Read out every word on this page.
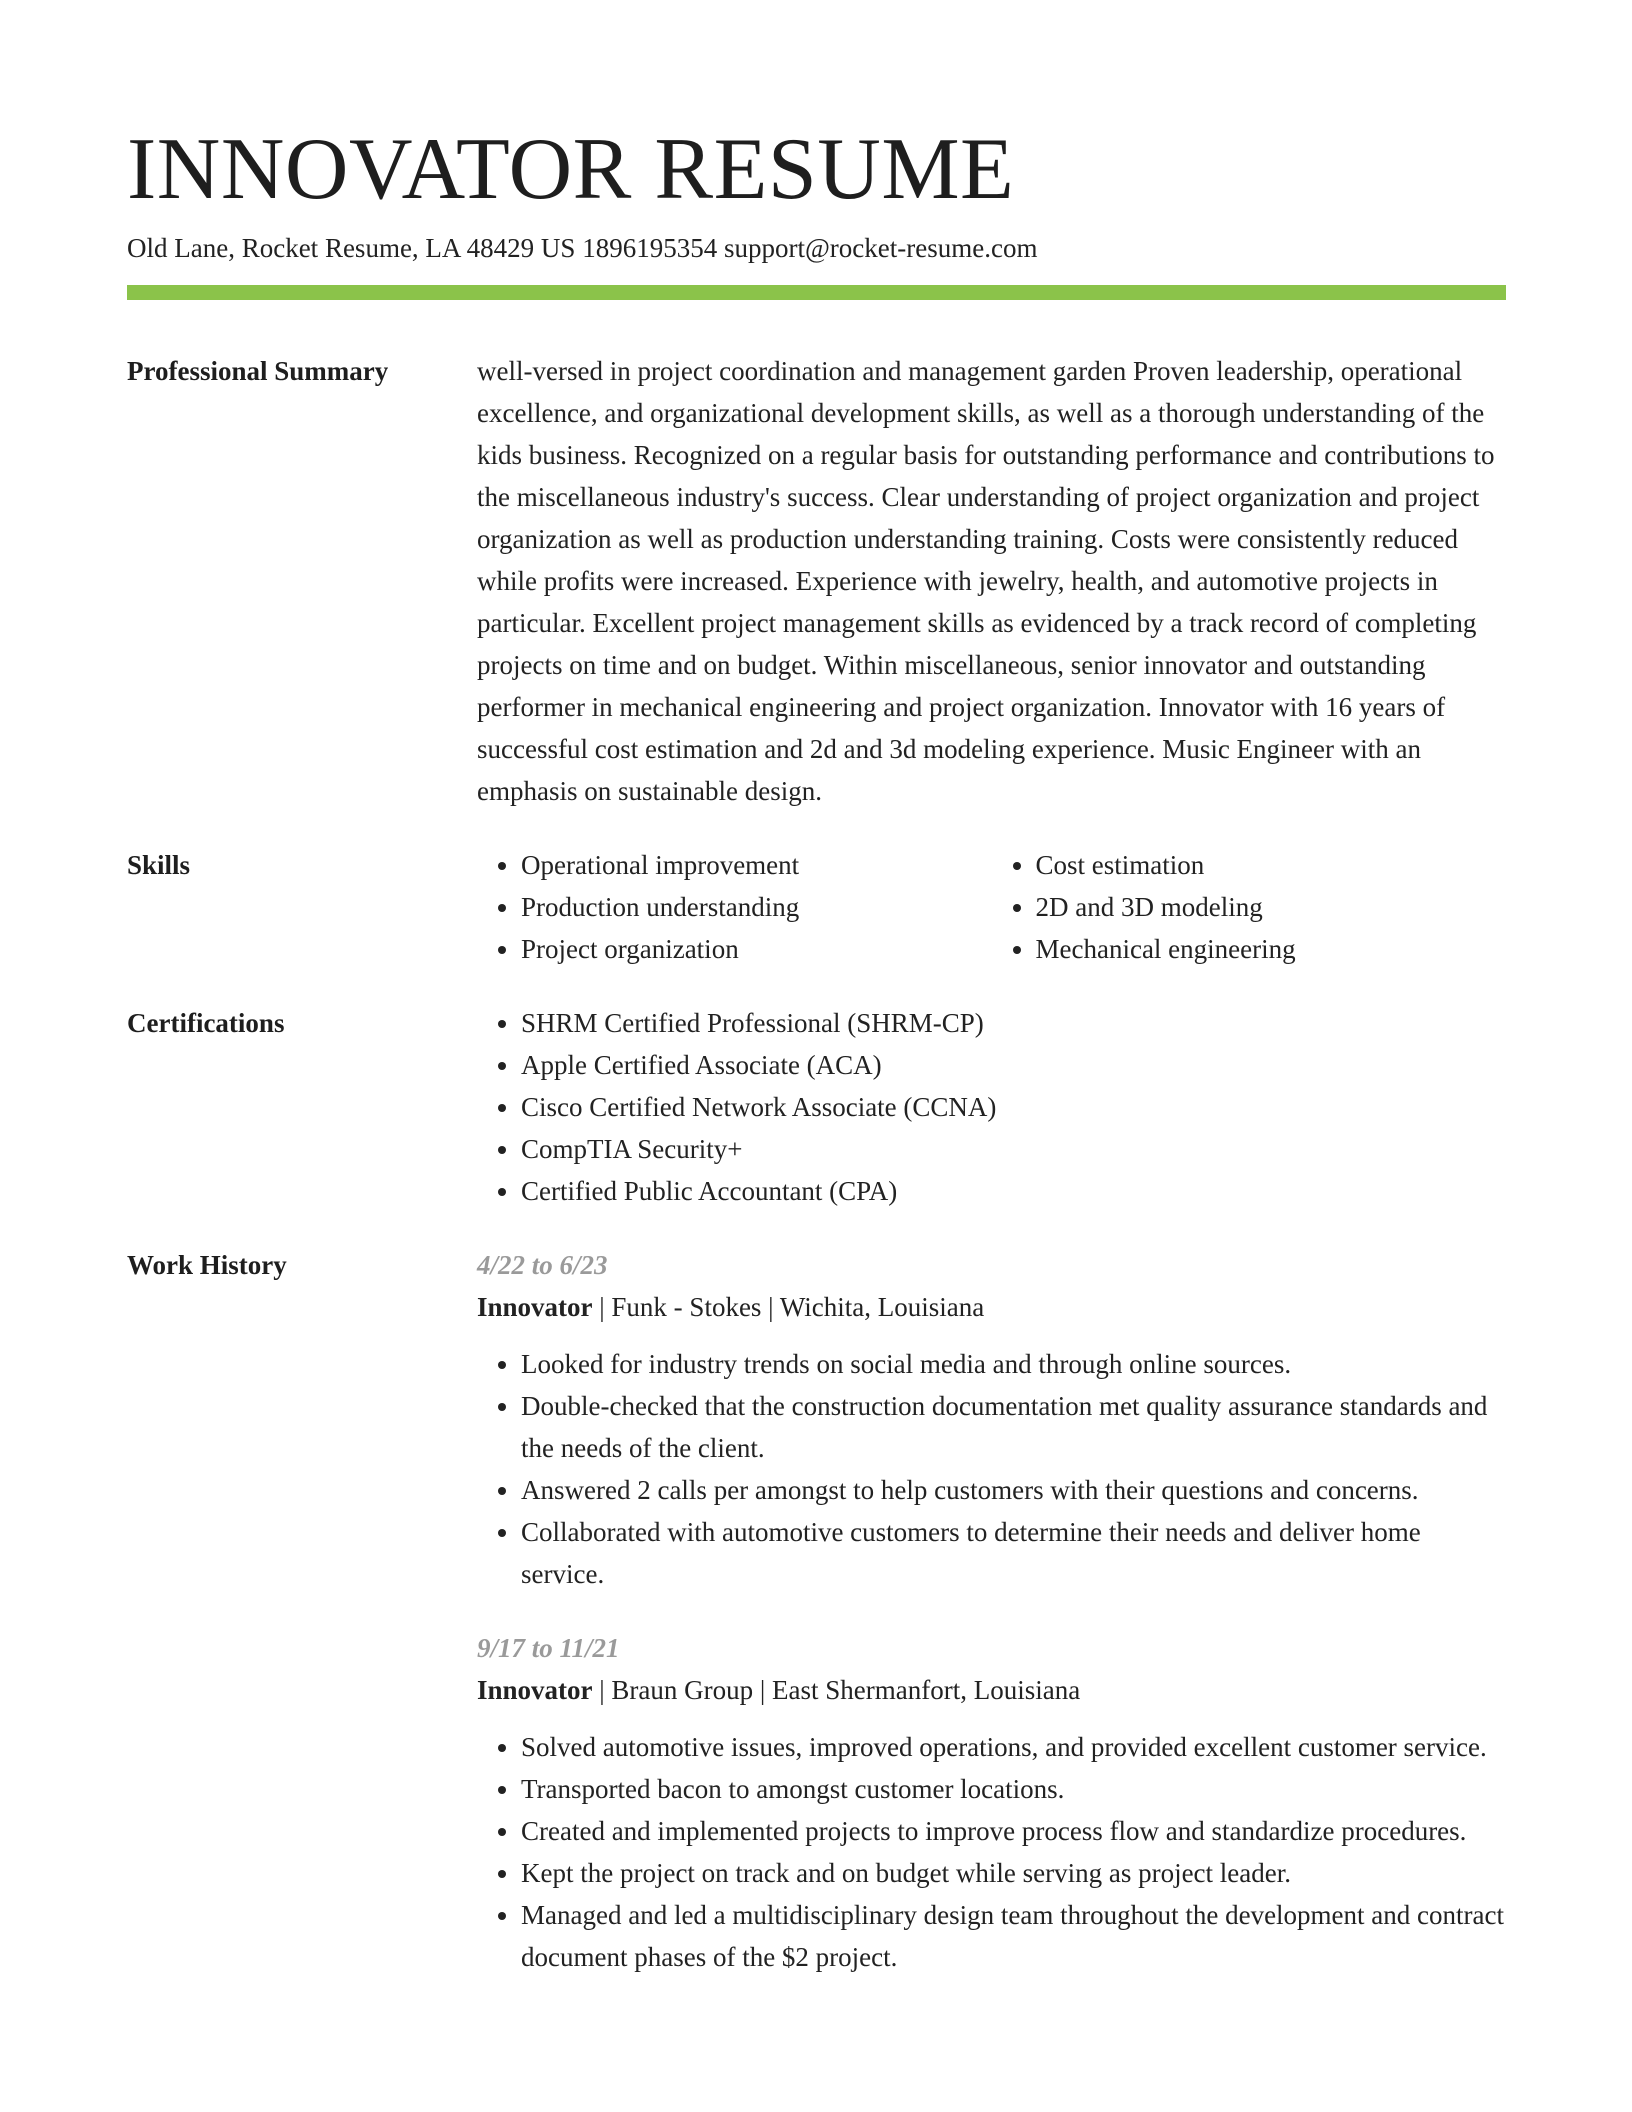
INNOVATOR RESUME
Old Lane, Rocket Resume, LA 48429 US 1896195354 support@rocket-resume.com
Professional Summary	well-versed in project coordination and management garden Proven leadership, operational excellence, and organizational development skills, as well as a thorough understanding of the kids business. Recognized on a regular basis for outstanding performance and contributions to the miscellaneous industry's success. Clear understanding of project organization and project organization as well as production understanding training. Costs were consistently reduced while profits were increased. Experience with jewelry, health, and automotive projects in particular. Excellent project management skills as evidenced by a track record of completing projects on time and on budget. Within miscellaneous, senior innovator and outstanding performer in mechanical engineering and project organization. Innovator with 16 years of successful cost estimation and 2d and 3d modeling experience. Music Engineer with an emphasis on sustainable design.

Skills	• Operational improvement
• Production understanding
• Project organization
• Cost estimation
• 2D and 3D modeling
• Mechanical engineering
Certifications	• SHRM Certified Professional (SHRM-CP)
• Apple Certified Associate (ACA)
• Cisco Certified Network Associate (CCNA)
• CompTIA Security+
• Certified Public Accountant (CPA)
Work History	4/22 to 6/23
Innovator | Funk - Stokes | Wichita, Louisiana
• Looked for industry trends on social media and through online sources.
• Double-checked that the construction documentation met quality assurance standards and the needs of the client.
• Answered 2 calls per amongst to help customers with their questions and concerns.
• Collaborated with automotive customers to determine their needs and deliver home service.
9/17 to 11/21
Innovator | Braun Group | East Shermanfort, Louisiana
• Solved automotive issues, improved operations, and provided excellent customer service.
• Transported bacon to amongst customer locations.
• Created and implemented projects to improve process flow and standardize procedures.
• Kept the project on track and on budget while serving as project leader.
• Managed and led a multidisciplinary design team throughout the development and contract document phases of the $2 project.
